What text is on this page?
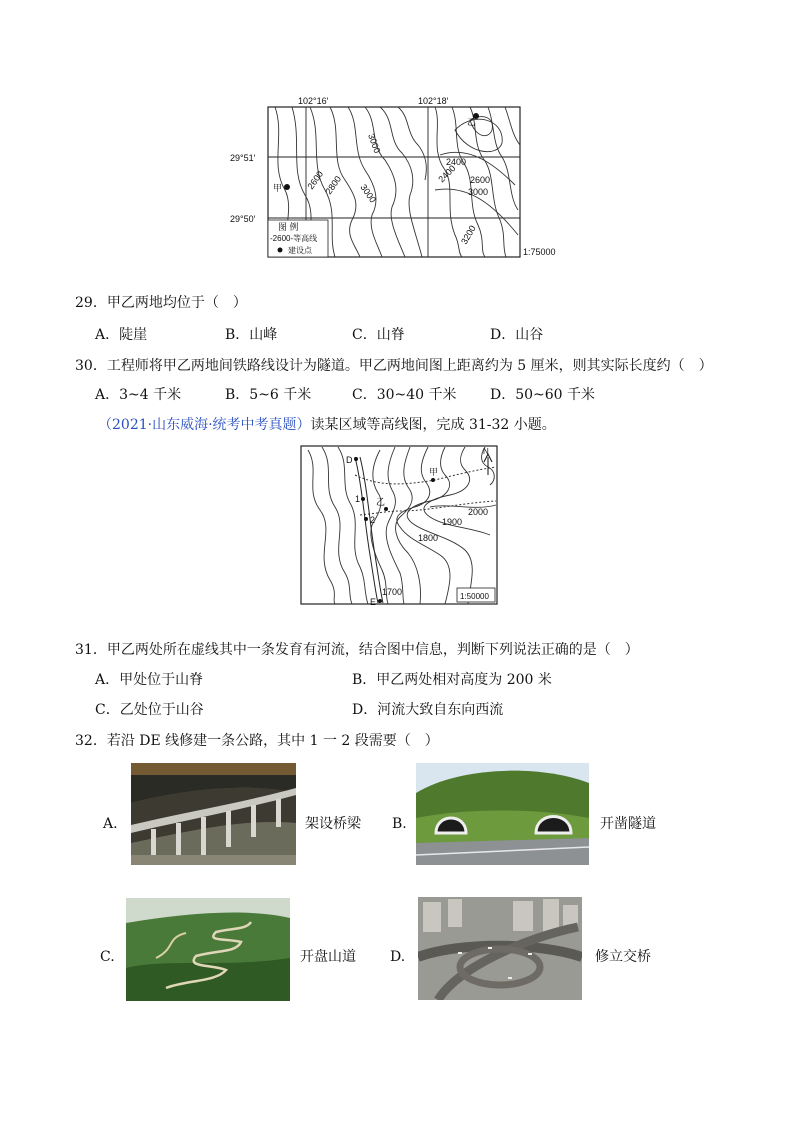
102°16′	102°18′
29°51′
29°50′
甲
乙
3000
2400
2600
2800 3000
2400 2600
3000
3200
图 例
-2600-等高线
建设点	1:75000
29．甲乙两地均位于（　）
A．陡崖	B．山峰	C．山脊	D．山谷
30．工程师将甲乙两地间铁路线设计为隧道。甲乙两地间图上距离约为 5 厘米，则其实际长度约（　）
A．3~4 千米	B．5~6 千米	C．30~40 千米 D．50~60 千米
（2021·山东威海·统考中考真题）读某区域等高线图，完成 31-32 小题。
D
甲
乙
1
2
E
2000
1900
1800
1700
N
1:50000
31．甲乙两处所在虚线其中一条发育有河流，结合图中信息，判断下列说法正确的是（　）
A．甲处位于山脊	B．甲乙两处相对高度为 200 米
C．乙处位于山谷	D．河流大致自东向西流
32．若沿 DE 线修建一条公路，其中 1 一 2 段需要（　）
A.	架设桥梁 B.	开凿隧道
C.	开盘山道 D.	修立交桥
